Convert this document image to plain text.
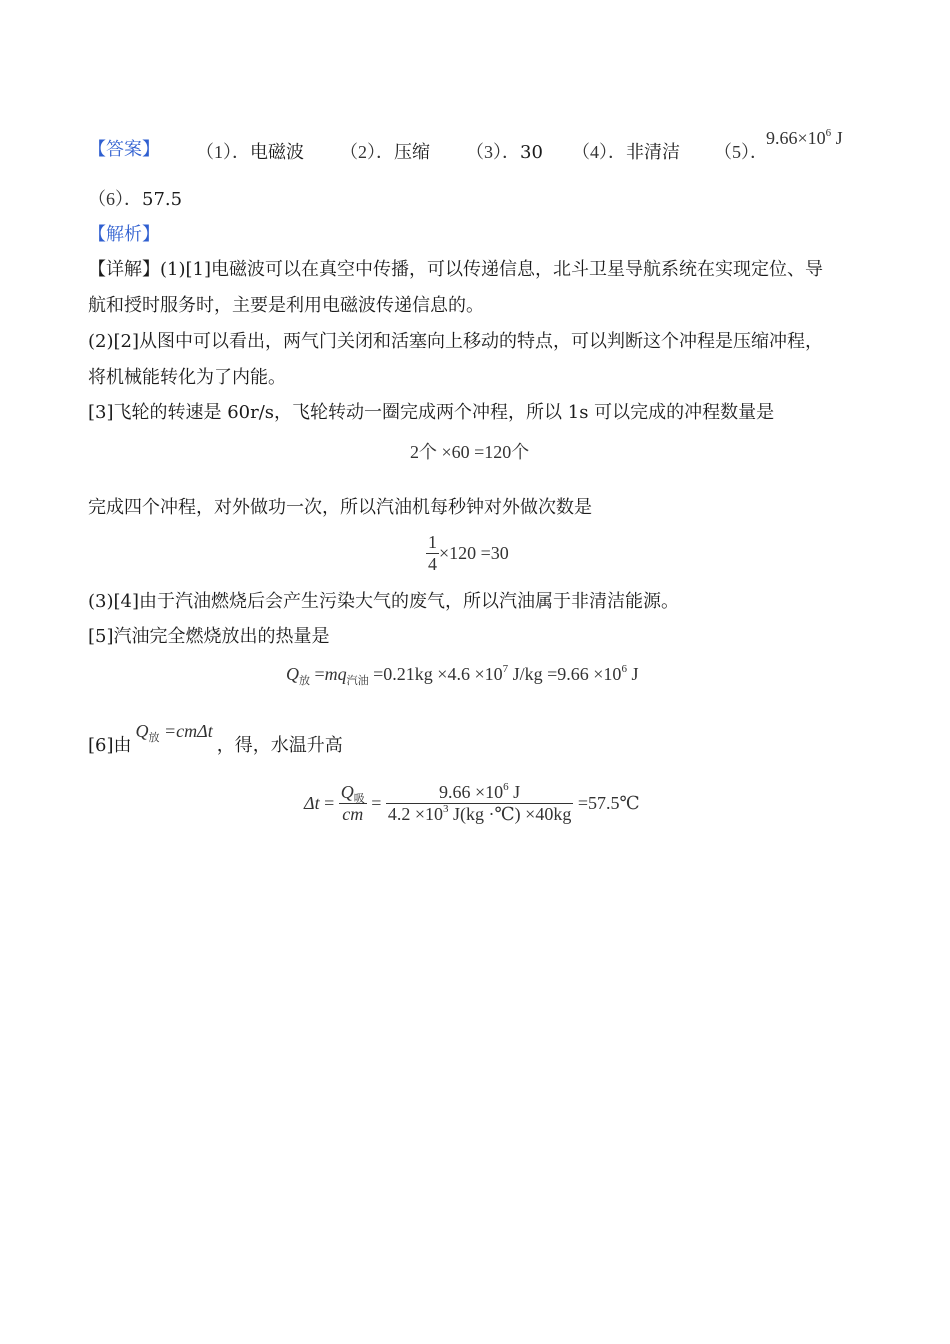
【答案】 （1）．电磁波 （2）．压缩 （3）．30 （4）．非清洁 （5）．
$9.66\times 10^6$ J
（6）．57.5
【解析】
【详解】(1)[1]电磁波可以在真空中传播，可以传递信息，北斗卫星导航系统在实现定位、导
航和授时服务时，主要是利用电磁波传递信息的。
(2)[2]从图中可以看出，两气门关闭和活塞向上移动的特点，可以判断这个冲程是压缩冲程，
将机械能转化为了内能。
[3]飞轮的转速是 60r/s，飞轮转动一圈完成两个冲程，所以 1s 可以完成的冲程数量是
2个 ×60 =120个
完成四个冲程，对外做功一次，所以汽油机每秒钟对外做次数是
$\frac{1}{4} \times 120 =30$
(3)[4]由于汽油燃烧后会产生污染大气的废气，所以汽油属于非清洁能源。
[5]汽油完全燃烧放出的热量是
$Q_放 =mq_{汽油} =0.21kg \times 4.6 \times 10^7$ $J/kg =9.66 \times 10^6$ J
[6]由$Q_放 =cm\Delta t$，得，水温升高
$\Delta t = \frac{Q_吸}{cm} = \frac{9.66 \times 10^6 J}{4.2 \times 10^3 J(kg \cdot℃) \times 40kg}$ =57.5℃
